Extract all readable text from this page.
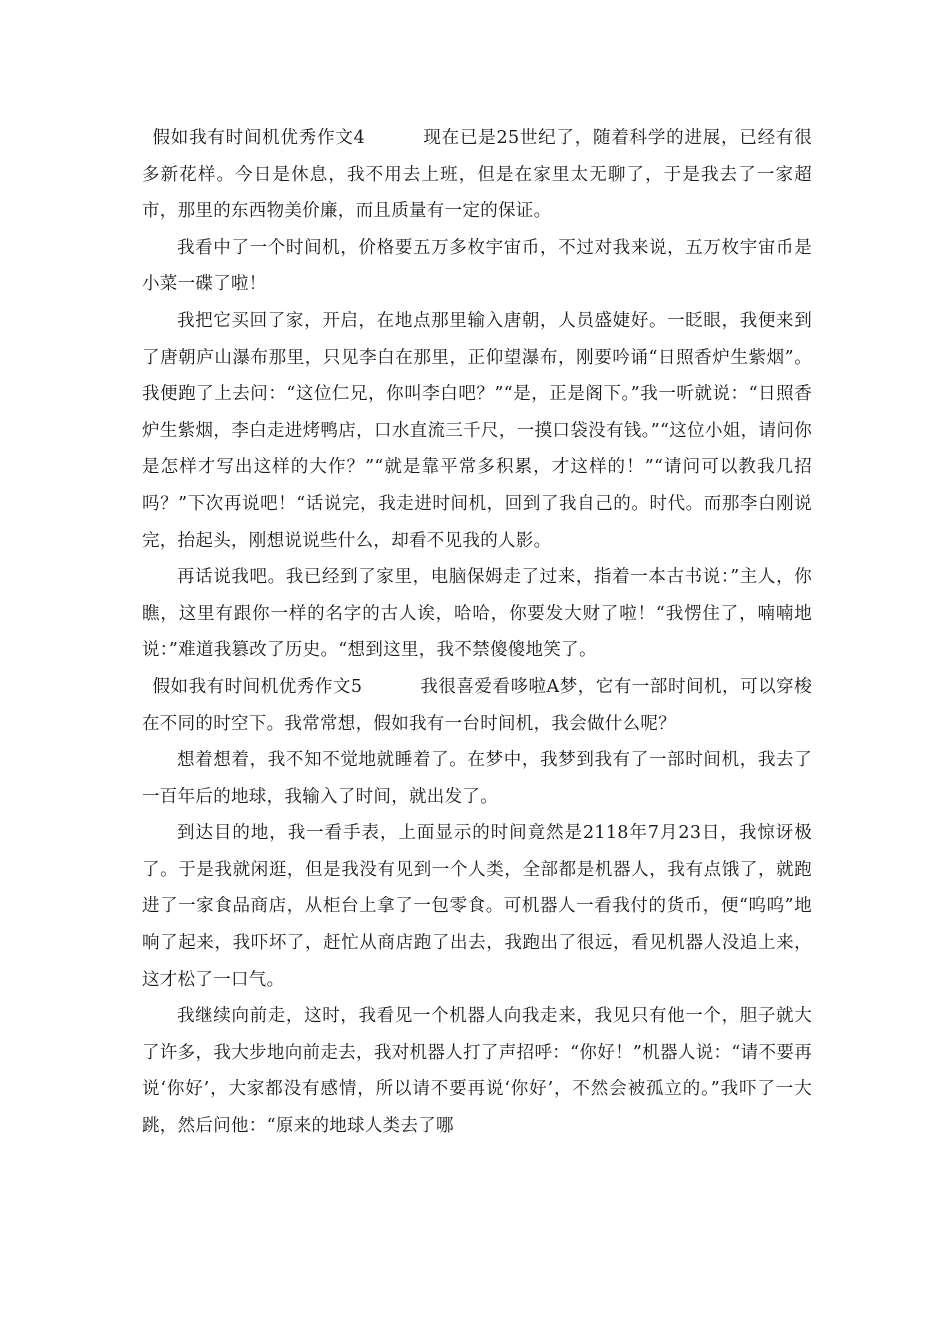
假如我有时间机优秀作文4	现在已是25世纪了，随着科学的进展，已经有很多新花样。今日是休息，我不用去上班，但是在家里太无聊了，于是我去了一家超市，那里的东西物美价廉，而且质量有一定的保证。

我看中了一个时间机，价格要五万多枚宇宙币，不过对我来说，五万枚宇宙币是小菜一碟了啦！

我把它买回了家，开启，在地点那里输入唐朝，人员盛婕好。一眨眼，我便来到了唐朝庐山瀑布那里，只见李白在那里，正仰望瀑布，刚要吟诵“日照香炉生紫烟”。我便跑了上去问：“这位仁兄，你叫李白吧？”“是，正是阁下。”我一听就说：“日照香炉生紫烟，李白走进烤鸭店，口水直流三千尺，一摸口袋没有钱。”“这位小姐，请问你是怎样才写出这样的大作？”“就是靠平常多积累，才这样的！”“请问可以教我几招吗？”下次再说吧！“话说完，我走进时间机，回到了我自己的。时代。而那李白刚说完，抬起头，刚想说说些什么，却看不见我的人影。

再话说我吧。我已经到了家里，电脑保姆走了过来，指着一本古书说：”主人，你瞧，这里有跟你一样的名字的古人诶，哈哈，你要发大财了啦！“我愣住了，喃喃地说：”难道我篡改了历史。“想到这里，我不禁傻傻地笑了。

假如我有时间机优秀作文5	我很喜爱看哆啦A梦，它有一部时间机，可以穿梭在不同的时空下。我常常想，假如我有一台时间机，我会做什么呢？

想着想着，我不知不觉地就睡着了。在梦中，我梦到我有了一部时间机，我去了一百年后的地球，我输入了时间，就出发了。

到达目的地，我一看手表，上面显示的时间竟然是2118年7月23日，我惊讶极了。于是我就闲逛，但是我没有见到一个人类，全部都是机器人，我有点饿了，就跑进了一家食品商店，从柜台上拿了一包零食。可机器人一看我付的货币，便“呜呜”地响了起来，我吓坏了，赶忙从商店跑了出去，我跑出了很远，看见机器人没追上来，这才松了一口气。

我继续向前走，这时，我看见一个机器人向我走来，我见只有他一个，胆子就大了许多，我大步地向前走去，我对机器人打了声招呼：“你好！”机器人说：“请不要再说‘你好’，大家都没有感情，所以请不要再说‘你好’，不然会被孤立的。”我吓了一大跳，然后问他：“原来的地球人类去了哪
